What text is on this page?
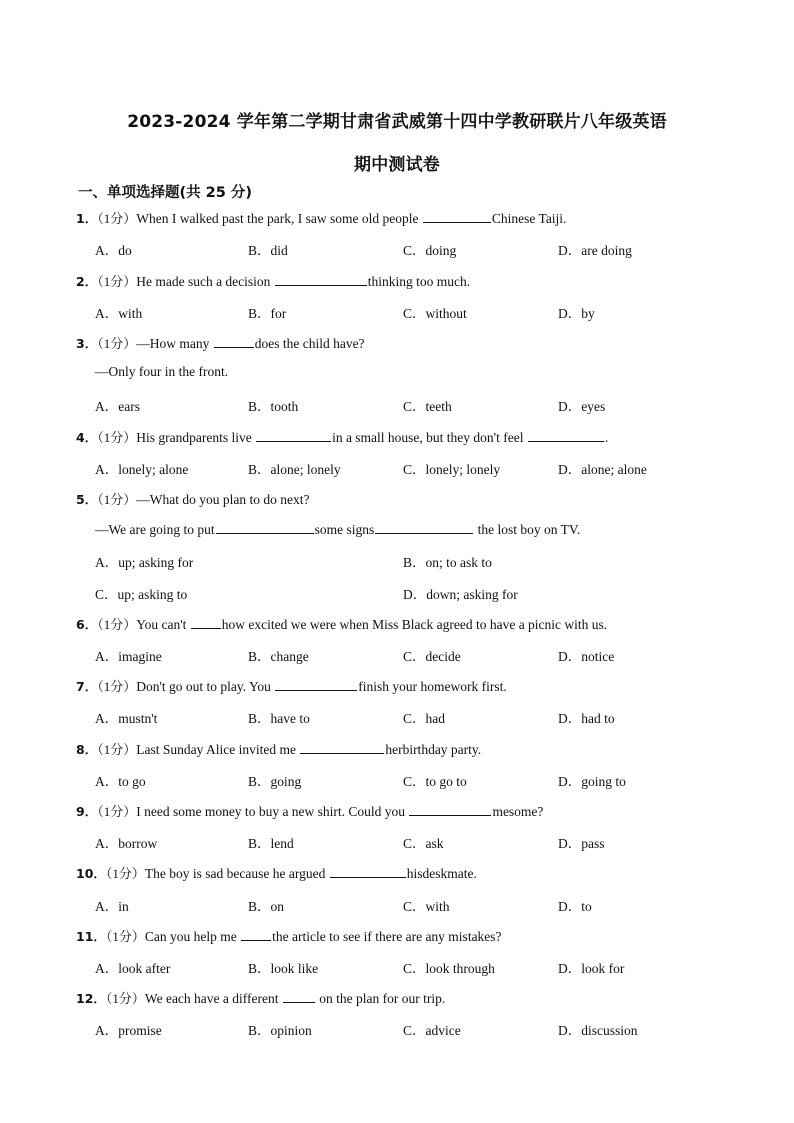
2023-2024 学年第二学期甘肃省武威第十四中学教研联片八年级英语
期中测试卷
一、单项选择题(共 25 分)
1．（1分）When I walked past the park, I saw some old people	Chinese Taiji.
A．do	B．did	C．doing	D．are doing
2．（1分）He made such a decision	thinking too much.
A．with	B．for	C．without	D．by
3．（1分）—How many	does the child have?
—Only four in the front.
A．ears	B．tooth	C．teeth	D．eyes
4．（1分）His grandparents live	in a small house, but they don't feel	.
A．lonely; alone	B．alone; lonely	C．lonely; lonely	D．alone; alone
5．（1分）—What do you plan to do next?
—We are going to put	some signs	the lost boy on TV.
A．up; asking for	B．on; to ask to
C．up; asking to	D．down; asking for
6．（1分）You can't how excited we were when Miss Black agreed to have a picnic with us.
A．imagine	B．change	C．decide	D．notice
7．（1分）Don't go out to play. You	finish your homework first.
A．mustn't	B．have to	C．had	D．had to
8．（1分）Last Sunday Alice invited me	herbirthday party.
A．to go	B．going	C．to go to	D．going to
9．（1分）I need some money to buy a new shirt. Could you	mesome?
A．borrow	B．lend	C．ask	D．pass
10．（1分）The boy is sad because he argued	hisdeskmate.
A．in	B．on	C．with	D．to
11．（1分）Can you help me the article to see if there are any mistakes?
A．look after	B．look like	C．look through	D．look for
12．（1分）We each have a different	on the plan for our trip.
A．promise	B．opinion	C．advice	D．discussion
